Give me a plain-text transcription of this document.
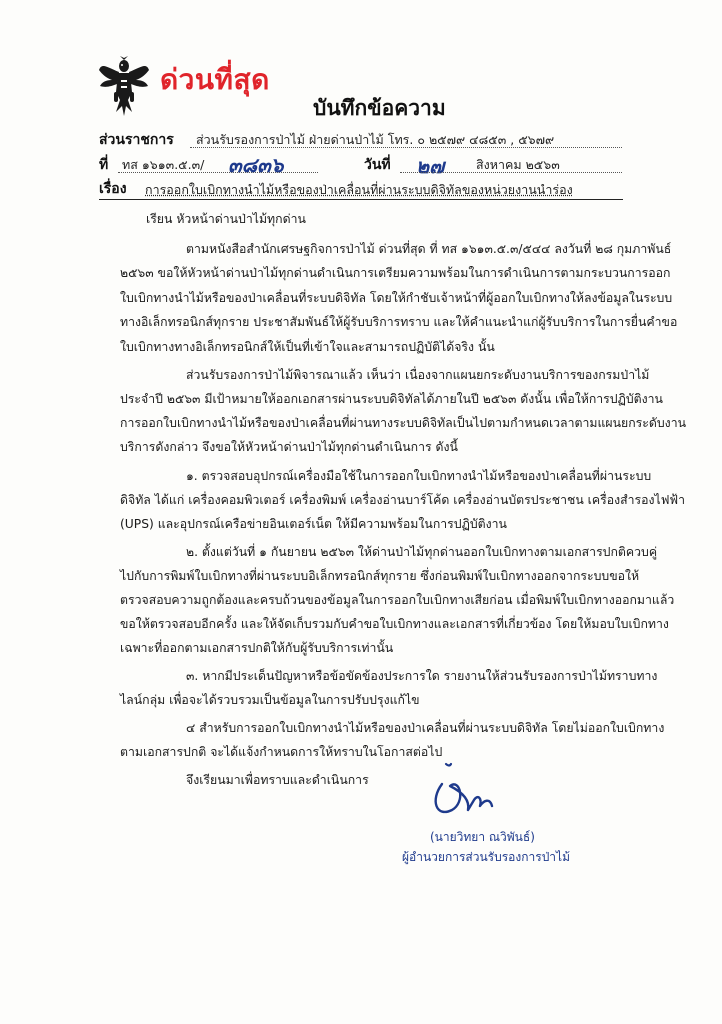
ด่วนที่สุด
บันทึกข้อความ
ส่วนราชการ ส่วนรับรองการป่าไม้ ฝ่ายด่านป่าไม้ โทร. ๐ ๒๕๗๙ ๔๘๕๓ , ๕๖๗๙
ที่ ทส ๑๖๑๓.๕.๓/ ๓๘๓๖	วันที่ ๒๗	สิงหาคม ๒๕๖๓
เรื่อง การออกใบเบิกทางนำไม้หรือของป่าเคลื่อนที่ผ่านระบบดิจิทัลของหน่วยงานนำร่อง
เรียน หัวหน้าด่านป่าไม้ทุกด่าน
ตามหนังสือสำนักเศรษฐกิจการป่าไม้ ด่วนที่สุด ที่ ทส ๑๖๑๓.๕.๓/๕๔๔ ลงวันที่ ๒๘ กุมภาพันธ์
๒๕๖๓ ขอให้หัวหน้าด่านป่าไม้ทุกด่านดำเนินการเตรียมความพร้อมในการดำเนินการตามกระบวนการออก
ใบเบิกทางนำไม้หรือของป่าเคลื่อนที่ระบบดิจิทัล โดยให้กำชับเจ้าหน้าที่ผู้ออกใบเบิกทางให้ลงข้อมูลในระบบ
ทางอิเล็กทรอนิกส์ทุกราย ประชาสัมพันธ์ให้ผู้รับบริการทราบ และให้คำแนะนำแก่ผู้รับบริการในการยื่นคำขอ
ใบเบิกทางทางอิเล็กทรอนิกส์ให้เป็นที่เข้าใจและสามารถปฏิบัติได้จริง นั้น
ส่วนรับรองการป่าไม้พิจารณาแล้ว เห็นว่า เนื่องจากแผนยกระดับงานบริการของกรมป่าไม้
ประจำปี ๒๕๖๓ มีเป้าหมายให้ออกเอกสารผ่านระบบดิจิทัลได้ภายในปี ๒๕๖๓ ดังนั้น เพื่อให้การปฏิบัติงาน
การออกใบเบิกทางนำไม้หรือของป่าเคลื่อนที่ผ่านทางระบบดิจิทัลเป็นไปตามกำหนดเวลาตามแผนยกระดับงาน
บริการดังกล่าว จึงขอให้หัวหน้าด่านป่าไม้ทุกด่านดำเนินการ ดังนี้
๑. ตรวจสอบอุปกรณ์เครื่องมือใช้ในการออกใบเบิกทางนำไม้หรือของป่าเคลื่อนที่ผ่านระบบ
ดิจิทัล ได้แก่ เครื่องคอมพิวเตอร์ เครื่องพิมพ์ เครื่องอ่านบาร์โค้ด เครื่องอ่านบัตรประชาชน เครื่องสำรองไฟฟ้า
(UPS) และอุปกรณ์เครือข่ายอินเตอร์เน็ต ให้มีความพร้อมในการปฏิบัติงาน
๒. ตั้งแต่วันที่ ๑ กันยายน ๒๕๖๓ ให้ด่านป่าไม้ทุกด่านออกใบเบิกทางตามเอกสารปกติควบคู่
ไปกับการพิมพ์ใบเบิกทางที่ผ่านระบบอิเล็กทรอนิกส์ทุกราย ซึ่งก่อนพิมพ์ใบเบิกทางออกจากระบบขอให้
ตรวจสอบความถูกต้องและครบถ้วนของข้อมูลในการออกใบเบิกทางเสียก่อน เมื่อพิมพ์ใบเบิกทางออกมาแล้ว
ขอให้ตรวจสอบอีกครั้ง และให้จัดเก็บรวมกับคำขอใบเบิกทางและเอกสารที่เกี่ยวข้อง โดยให้มอบใบเบิกทาง
เฉพาะที่ออกตามเอกสารปกติให้กับผู้รับบริการเท่านั้น
๓. หากมีประเด็นปัญหาหรือข้อขัดข้องประการใด รายงานให้ส่วนรับรองการป่าไม้ทราบทาง
ไลน์กลุ่ม เพื่อจะได้รวบรวมเป็นข้อมูลในการปรับปรุงแก้ไข
๔ สำหรับการออกใบเบิกทางนำไม้หรือของป่าเคลื่อนที่ผ่านระบบดิจิทัล โดยไม่ออกใบเบิกทาง
ตามเอกสารปกติ จะได้แจ้งกำหนดการให้ทราบในโอกาสต่อไป
จึงเรียนมาเพื่อทราบและดำเนินการ
(นายวิทยา ณวิพันธ์)
ผู้อำนวยการส่วนรับรองการป่าไม้
